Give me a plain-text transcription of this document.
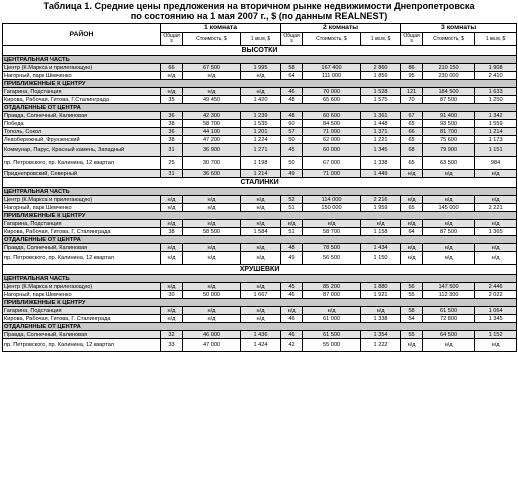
Таблица 1. Средние цены предложения на вторичном рынке недвижимости Днепропетровска
по состоянию на 1 мая 2007 г., $ (по данным REALNEST)
РАЙОН	1 комната			2 комнаты			3 комнаты		
	Общая s	Стоимость, $	1 кв.м, $	Общая s	Стоимость, $	1 кв.м, $	Общая s	Стоимость, $	1 кв.м, $
ВЫСОТКИ									
ЦЕНТРАЛЬНАЯ ЧАСТЬ									
Центр (К.Маркса и прилегающую)	66	67 500	1 995	58	167 400	2 860	86	210 150	1 908
Нагорный, парк Шевченко	н/д	н/д	н/д	64	111 000	1 859	95	230 000	2 410
ПРИБЛИЖЕННЫЕ К ЦЕНТРУ									
Гагарина, Подстанция	н/д	н/д	н/д	46	70 000	1 528	121	184 500	1 633
Кирова, Рабочая, Гитова, Г.Сталинграда	35	49 450	1 420	48	65 600	1 575	70	87 500	1 250
ОТДАЛЕННЫЕ ОТ ЦЕНТРА									
Правда, Солнечный, Калиновая	36	42 300	1 239	48	60 600	1 361	67	91 400	1 342
Победа	38	58 700	1 535	60	84 500	1 448	65	93 500	1 559
Тополь, Сокол	36	44 100	1 201	57	71 000	1 371	66	81 700	1 214
Левобережный, Фрунзенский	38	47 200	1 224	50	62 000	1 221	65	75 600	1 173
Коммунар, Парус, Красный камень, Западный	31	36 900	1 271	45	60 000	1 345	68	79 900	1 151
пр. Петровского, пр. Калинина, 12 квартал	25	30 700	1 198	50	67 000	1 338	65	63 500	984
Приднепровский, Северный	31	36 600	1 214	49	71 000	1 449	н/д	н/д	н/д
СТАЛИНКИ									
ЦЕНТРАЛЬНАЯ ЧАСТЬ									
Центр (К.Маркса и прилегающую)	н/д	н/д	н/д	52	114 000	2 216	н/д	н/д	н/д
Нагорный, парк Шевченко	н/д	н/д	н/д	51	150 000	1 959	65	145 000	2 221
ПРИБЛИЖЕННЫЕ К ЦЕНТРУ									
Гагарина, Подстанция	н/д	н/д	н/д	н/д	н/д	н/д	н/д	н/д	н/д
Кирова, Рабочая, Гитова, Г. Сталинграда	38	58 500	1 584	51	58 700	1 158	64	87 500	1 365
ОТДАЛЕННЫЕ ОТ ЦЕНТРА									
Правда, Солнечный, Калиновая	н/д	н/д	н/д	48	78 500	1 434	н/д	н/д	н/д
пр. Петровского, пр. Калинина, 12 квартал	н/д	н/д	н/д	49	56 500	1 150	н/д	н/д	н/д
ХРУШЕВКИ									
ЦЕНТРАЛЬНАЯ ЧАСТЬ									
Центр (К.Маркса и прилегающую)	н/д	н/д	н/д	45	85 200	1 880	56	147 500	2 446
Нагорный, парк Шевченко	30	50 000	1 667	46	87 000	1 921	55	112 300	2 022
ПРИБЛИЖЕННЫЕ К ЦЕНТРУ									
Гагарина, Подстанция	н/д	н/д	н/д	н/д	н/д	н/д	58	61 500	1 064
Кирова, Рабочая, Гитова, Г. Сталинграда	н/д	н/д	н/д	46	61 000	1 338	54	72 800	1 345
ОТДАЛЕННЫЕ ОТ ЦЕНТРА									
Правда, Солнечный, Калиновая	32	46 000	1 436	46	61 500	1 354	55	64 500	1 152
пр. Петровского, пр. Калинина, 12 квартал	33	47 000	1 424	42	55 000	1 222	н/д	н/д	н/д
